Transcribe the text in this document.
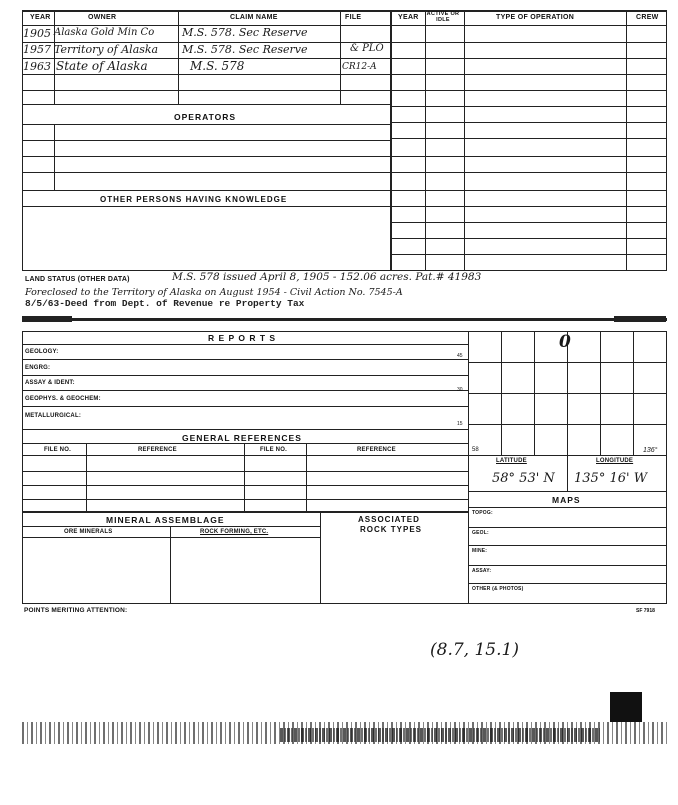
YEAR	OWNER	CLAIM NAME	FILE	YEAR ACTIVE OR IDLE	TYPE OF OPERATION	CREW
OPERATORS
OTHER PERSONS HAVING KNOWLEDGE
1905 Alaska Gold Min Co	M.S. 578. Sec Reserve
1957 Territory of Alaska M.S. 578. Sec Reserve	& PLO
1963 State of Alaska	M.S. 578	CR12-A
LAND STATUS (OTHER DATA)	M.S. 578 issued April 8, 1905 - 152.06 acres. Pat.# 41983
Foreclosed to the Territory of Alaska on August 1954 - Civil Action No. 7545-A
8/5/63-Deed from Dept. of Revenue re Property Tax
R E P O R T S
GEOLOGY:
ENGRG:
ASSAY & IDENT:
GEOPHYS. & GEOCHEM:
METALLURGICAL:
45
30
15
GENERAL REFERENCES
FILE NO.	REFERENCE	FILE NO.	REFERENCE
MINERAL ASSEMBLAGE	ASSOCIATED
ROCK TYPES
ORE MINERALS	ROCK FORMING, ETC.
0
58	136°
LATITUDE	LONGITUDE
58° 53' N 135° 16' W
MAPS
TOPOG:
GEOL:
MINE:
ASSAY:
OTHER (& PHOTOS)
POINTS MERITING ATTENTION:	SF 7918
(8.7, 15.1)
